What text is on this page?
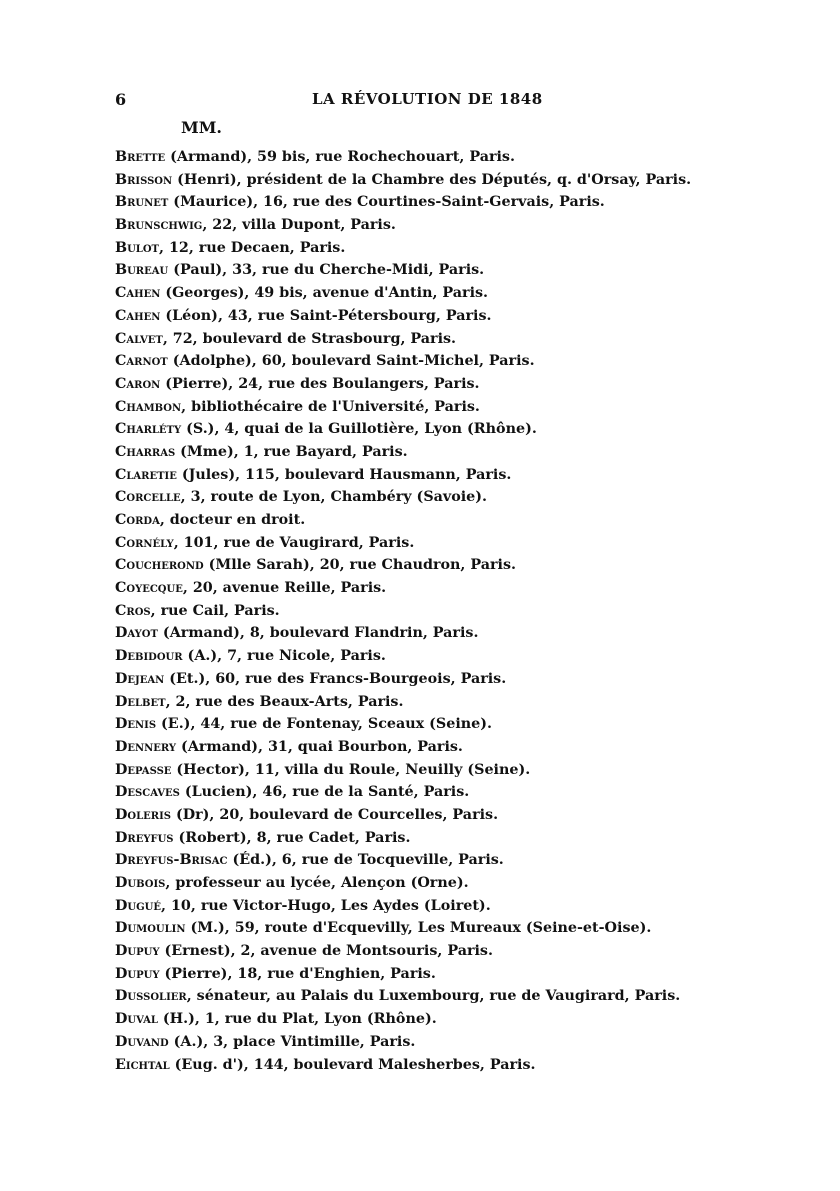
6	LA RÉVOLUTION DE 1848
MM.
Brette (Armand), 59 bis, rue Rochechouart, Paris.
Brisson (Henri), président de la Chambre des Députés, q. d'Orsay, Paris.
Brunet (Maurice), 16, rue des Courtines-Saint-Gervais, Paris.
Brunschwig, 22, villa Dupont, Paris.
Bulot, 12, rue Decaen, Paris.
Bureau (Paul), 33, rue du Cherche-Midi, Paris.
Cahen (Georges), 49 bis, avenue d'Antin, Paris.
Cahen (Léon), 43, rue Saint-Pétersbourg, Paris.
Calvet, 72, boulevard de Strasbourg, Paris.
Carnot (Adolphe), 60, boulevard Saint-Michel, Paris.
Caron (Pierre), 24, rue des Boulangers, Paris.
Chambon, bibliothécaire de l'Université, Paris.
Charléty (S.), 4, quai de la Guillotière, Lyon (Rhône).
Charras (Mme), 1, rue Bayard, Paris.
Claretie (Jules), 115, boulevard Hausmann, Paris.
Corcelle, 3, route de Lyon, Chambéry (Savoie).
Corda, docteur en droit.
Cornély, 101, rue de Vaugirard, Paris.
Coucherond (Mlle Sarah), 20, rue Chaudron, Paris.
Coyecque, 20, avenue Reille, Paris.
Cros, rue Cail, Paris.
Dayot (Armand), 8, boulevard Flandrin, Paris.
Debidour (A.), 7, rue Nicole, Paris.
Dejean (Et.), 60, rue des Francs-Bourgeois, Paris.
Delbet, 2, rue des Beaux-Arts, Paris.
Denis (E.), 44, rue de Fontenay, Sceaux (Seine).
Dennery (Armand), 31, quai Bourbon, Paris.
Depasse (Hector), 11, villa du Roule, Neuilly (Seine).
Descaves (Lucien), 46, rue de la Santé, Paris.
Doleris (Dr), 20, boulevard de Courcelles, Paris.
Dreyfus (Robert), 8, rue Cadet, Paris.
Dreyfus-Brisac (Éd.), 6, rue de Tocqueville, Paris.
Dubois, professeur au lycée, Alençon (Orne).
Dugué, 10, rue Victor-Hugo, Les Aydes (Loiret).
Dumoulin (M.), 59, route d'Ecquevilly, Les Mureaux (Seine-et-Oise).
Dupuy (Ernest), 2, avenue de Montsouris, Paris.
Dupuy (Pierre), 18, rue d'Enghien, Paris.
Dussolier, sénateur, au Palais du Luxembourg, rue de Vaugirard, Paris.
Duval (H.), 1, rue du Plat, Lyon (Rhône).
Duvand (A.), 3, place Vintimille, Paris.
Eichtal (Eug. d'), 144, boulevard Malesherbes, Paris.
